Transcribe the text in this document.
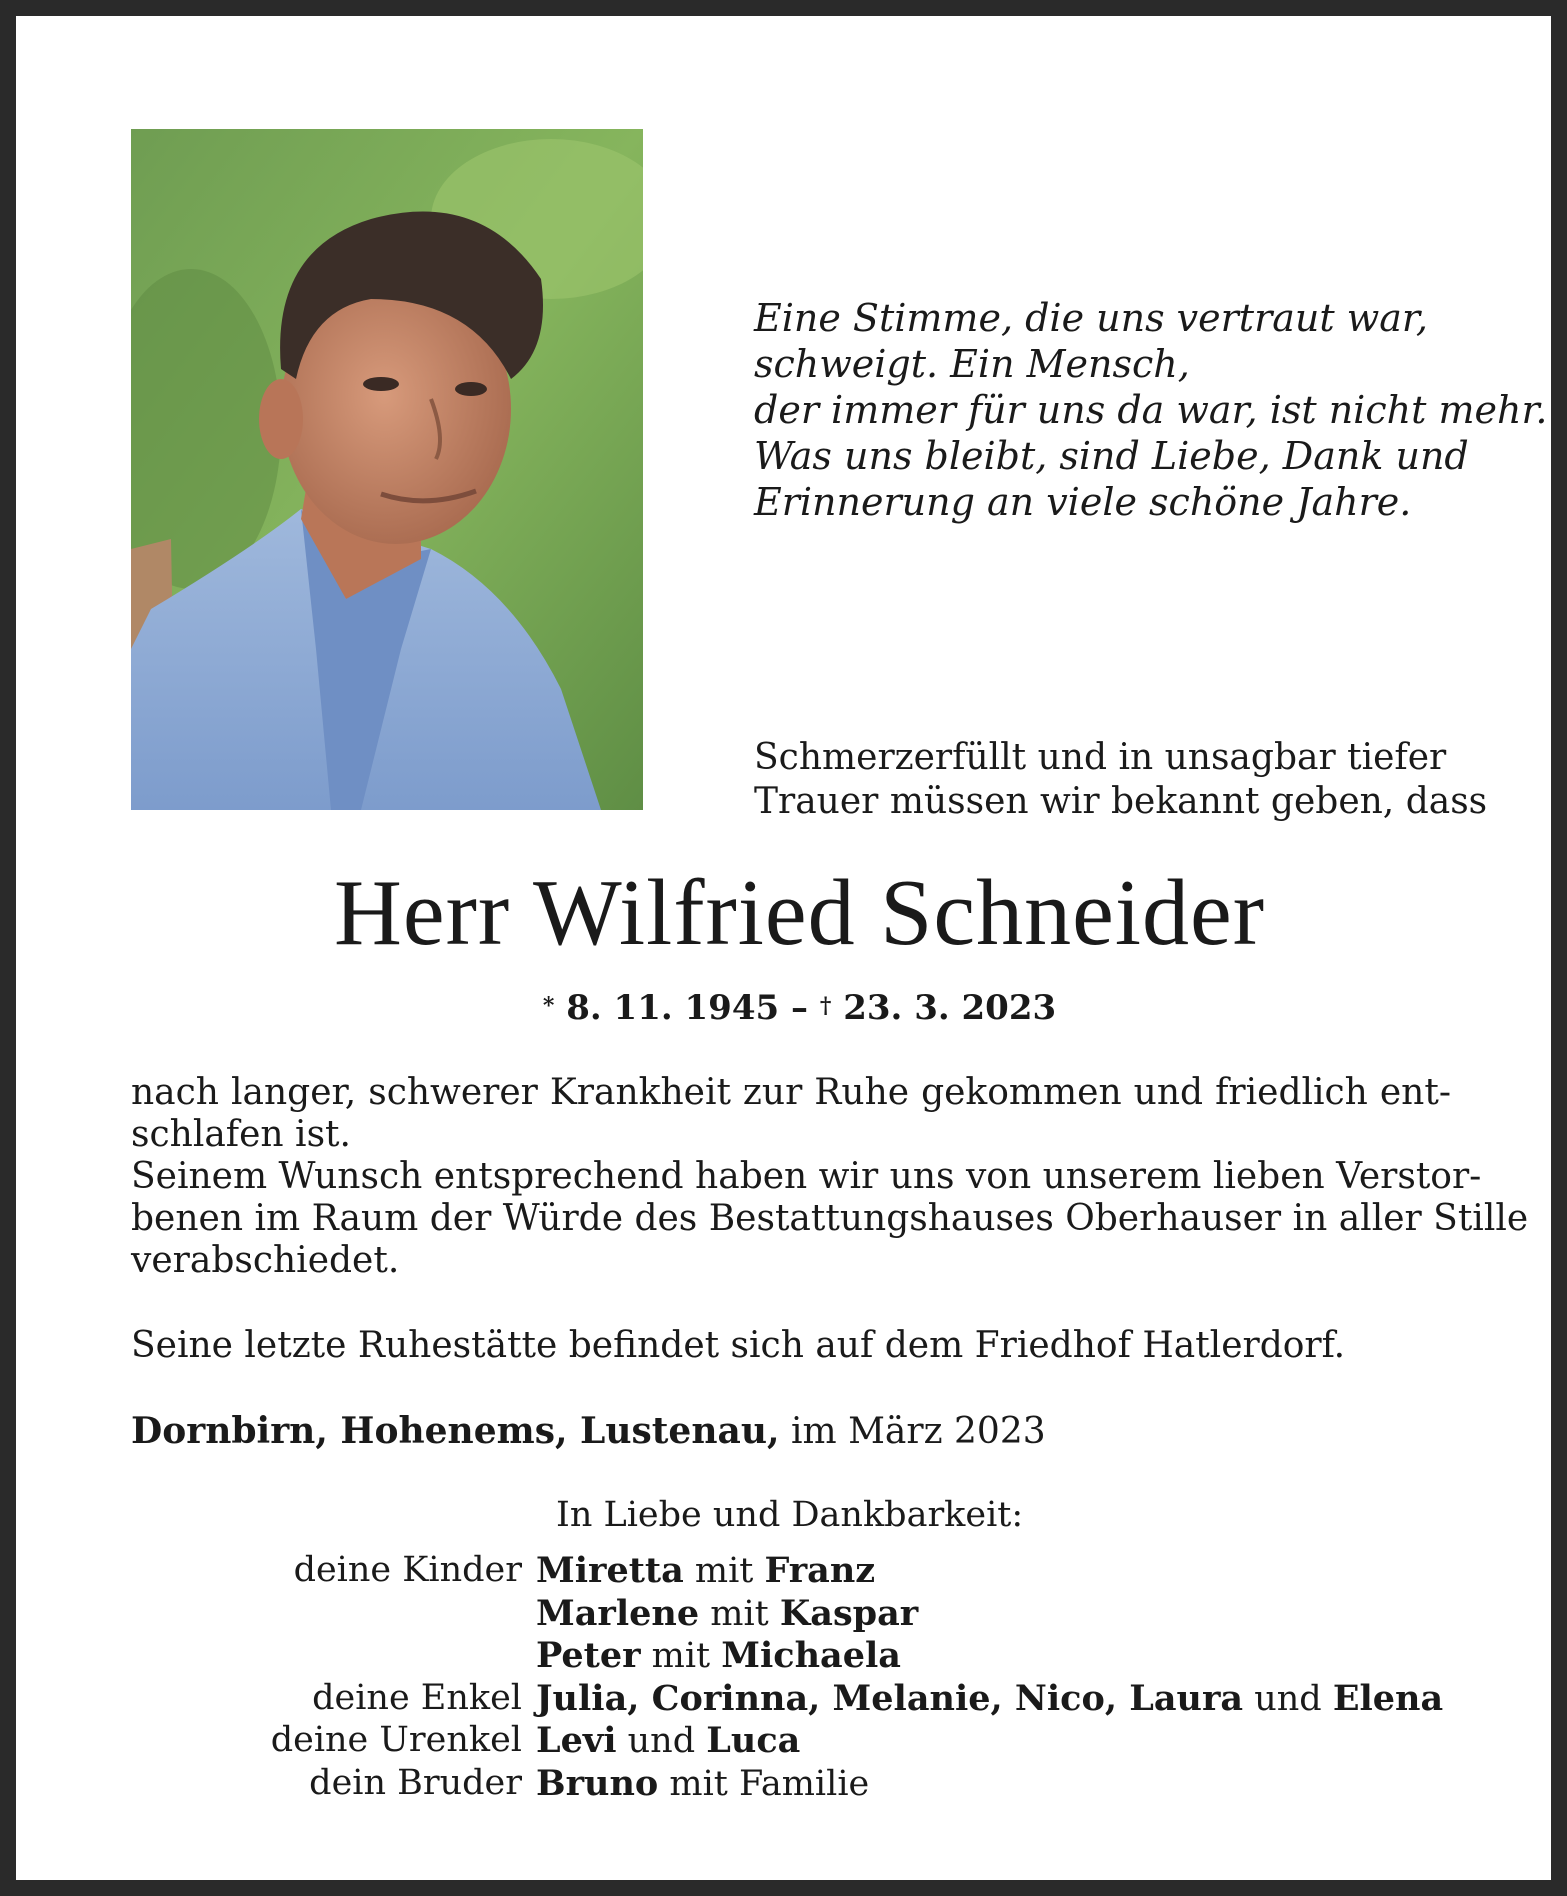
Eine Stimme, die uns vertraut war,
schweigt. Ein Mensch,
der immer für uns da war, ist nicht mehr.
Was uns bleibt, sind Liebe, Dank und
Erinnerung an viele schöne Jahre.
Schmerzerfüllt und in unsagbar tiefer
Trauer müssen wir bekannt geben, dass
Herr Wilfried Schneider
* 8. 11. 1945 – † 23. 3. 2023

nach langer, schwerer Krankheit zur Ruhe gekommen und friedlich ent-

schlafen ist.

Seinem Wunsch entsprechend haben wir uns von unserem lieben Verstor-

benen im Raum der Würde des Bestattungshauses Oberhauser in aller Stille

verabschiedet.

Seine letzte Ruhestätte befindet sich auf dem Friedhof Hatlerdorf.

Dornbirn, Hohenems, Lustenau, im März 2023

In Liebe und Dankbarkeit:
deine Kinder Miretta mit Franz
Marlene mit Kaspar
Peter mit Michaela
deine Enkel Julia, Corinna, Melanie, Nico, Laura und Elena
deine Urenkel Levi und Luca
dein Bruder Bruno mit Familie
